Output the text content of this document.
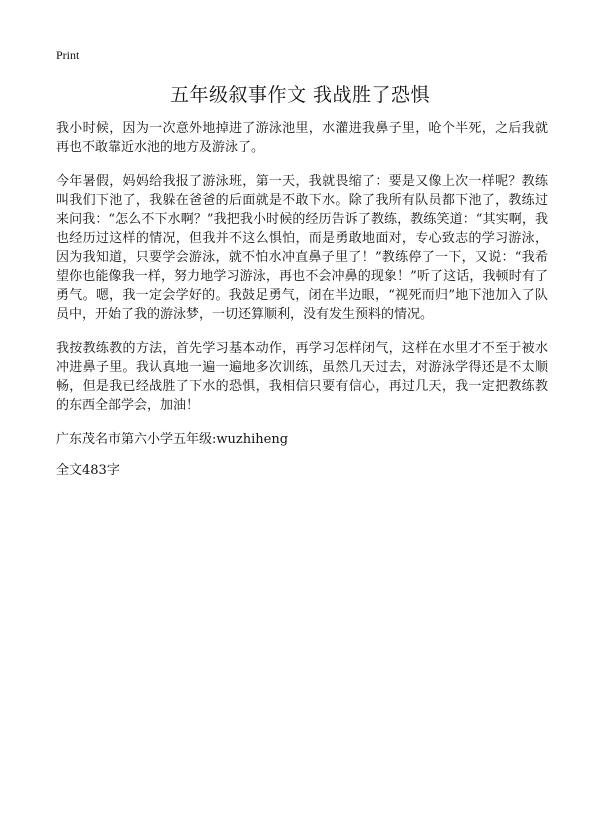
Print
五年级叙事作文 我战胜了恐惧

我小时候，因为一次意外地掉进了游泳池里，水灌进我鼻子里，呛个半死，之后我就再也不敢靠近水池的地方及游泳了。

今年暑假，妈妈给我报了游泳班，第一天，我就畏缩了：要是又像上次一样呢？教练叫我们下池了，我躲在爸爸的后面就是不敢下水。除了我所有队员都下池了，教练过来问我：“怎么不下水啊？”我把我小时候的经历告诉了教练，教练笑道：“其实啊，我也经历过这样的情况，但我并不这么惧怕，而是勇敢地面对，专心致志的学习游泳，因为我知道，只要学会游泳，就不怕水冲直鼻子里了！”教练停了一下，又说：“我希望你也能像我一样，努力地学习游泳，再也不会冲鼻的现象！”听了这话，我顿时有了勇气。嗯，我一定会学好的。我鼓足勇气，闭在半边眼，“视死而归”地下池加入了队员中，开始了我的游泳梦，一切还算顺利，没有发生预料的情况。

我按教练教的方法，首先学习基本动作，再学习怎样闭气，这样在水里才不至于被水冲进鼻子里。我认真地一遍一遍地多次训练，虽然几天过去，对游泳学得还是不太顺畅，但是我已经战胜了下水的恐惧，我相信只要有信心，再过几天，我一定把教练教的东西全部学会，加油！

广东茂名市第六小学五年级:wuzhiheng

全文483字
